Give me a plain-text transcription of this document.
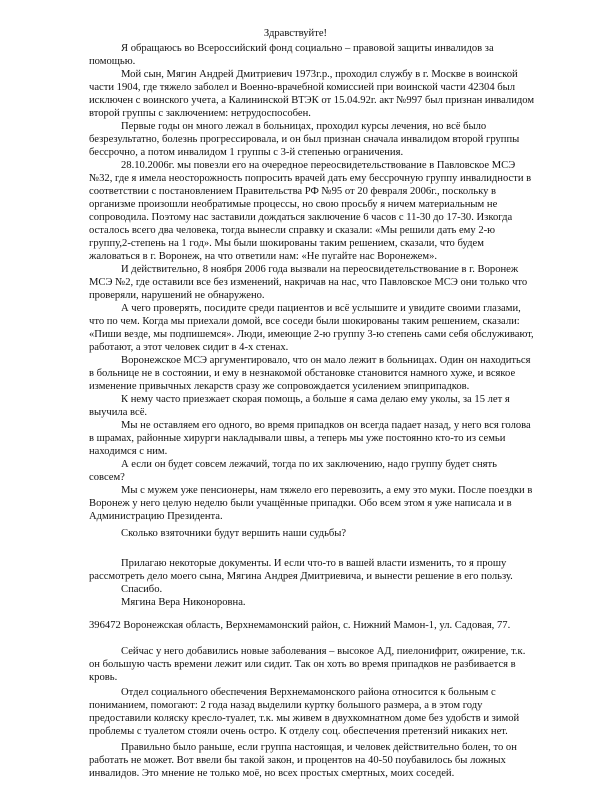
Здравствуйте!
Я обращаюсь во Всероссийский фонд социально – правовой защиты инвалидов за
помощью.
Мой сын, Мягин Андрей Дмитриевич 1973г.р., проходил службу в г. Москве в воинской
части 1904, где тяжело заболел и Военно-врачебной комиссией при воинской части 42304 был
исключен с воинского учета, а Калининской ВТЭК от 15.04.92г. акт №997 был признан инвалидом
второй группы с заключением: нетрудоспособен.
Первые годы он много лежал в больницах, проходил курсы лечения, но всё было
безрезультатно, болезнь прогрессировала, и он был признан сначала инвалидом второй группы
бессрочно, а потом инвалидом 1 группы с 3-й степенью ограничения.
28.10.2006г. мы повезли его на очередное переосвидетельствование в Павловское МСЭ
№32, где я имела неосторожность попросить врачей дать ему бессрочную группу инвалидности в
соответствии с постановлением Правительства РФ №95 от 20 февраля 2006г., поскольку в
организме произошли необратимые процессы, но свою просьбу я ничем материальным не
сопроводила. Поэтому нас заставили дождаться заключение 6 часов с 11-30 до 17-30. Изкогда
осталось всего два человека, тогда вынесли справку и сказали: «Мы решили дать ему 2-ю
группу,2-степень на 1 год». Мы были шокированы таким решением, сказали, что будем
жаловаться в г. Воронеж, на что ответили нам: «Не пугайте нас Воронежем».
И действительно, 8 ноября 2006 года вызвали на переосвидетельствование в г. Воронеж
МСЭ №2, где оставили все без изменений, накричав на нас, что Павловское МСЭ они только что
проверяли, нарушений не обнаружено.
А чего проверять, посидите среди пациентов и всё услышите и увидите своими глазами,
что по чем. Когда мы приехали домой, все соседи были шокированы таким решением, сказали:
«Пиши везде, мы подпишемся». Люди, имеющие 2-ю группу 3-ю степень сами себя обслуживают,
работают, а этот человек сидит в 4-х стенах.
Воронежское МСЭ аргументировало, что он мало лежит в больницах. Один он находиться
в больнице не в состоянии, и ему в незнакомой обстановке становится намного хуже, и всякое
изменение привычных лекарств сразу же сопровождается усилением эпиприпадков.
К нему часто приезжает скорая помощь, а больше я сама делаю ему уколы, за 15 лет я
выучила всё.
Мы не оставляем его одного, во время припадков он всегда падает назад, у него вся голова
в шрамах, районные хирурги накладывали швы, а теперь мы уже постоянно кто-то из семьи
находимся с ним.
А если он будет совсем лежачий, тогда по их заключению, надо группу будет снять
совсем?
Мы с мужем уже пенсионеры, нам тяжело его перевозить, а ему это муки. После поездки в
Воронеж у него целую неделю были учащённые припадки. Обо всем этом я уже написала и в
Администрацию Президента.
Сколько взяточники будут вершить наши судьбы?
Прилагаю некоторые документы. И если что-то в вашей власти изменить, то я прошу
рассмотреть дело моего сына, Мягина Андрея Дмитриевича, и вынести решение в его пользу.
Спасибо.
Мягина Вера Никоноровна.
396472 Воронежская область, Верхнемамонский район, с. Нижний Мамон-1, ул. Садовая, 77.
Сейчас у него добавились новые заболевания – высокое АД, пиелонифрит, ожирение, т.к.
он большую часть времени лежит или сидит. Так он хоть во время припадков не разбивается в
кровь.
Отдел социального обеспечения Верхнемамонского района относится к больным с
пониманием, помогают: 2 года назад выделили куртку большого размера, а в этом году
предоставили коляску кресло-туалет, т.к. мы живем в двухкомнатном доме без удобств и зимой
проблемы с туалетом стояли очень остро. К отделу соц. обеспечения претензий никаких нет.
Правильно было раньше, если группа настоящая, и человек действительно болен, то он
работать не может. Вот ввели бы такой закон, и процентов на 40-50 поубавилось бы ложных
инвалидов. Это мнение не только моё, но всех простых смертных, моих соседей.
